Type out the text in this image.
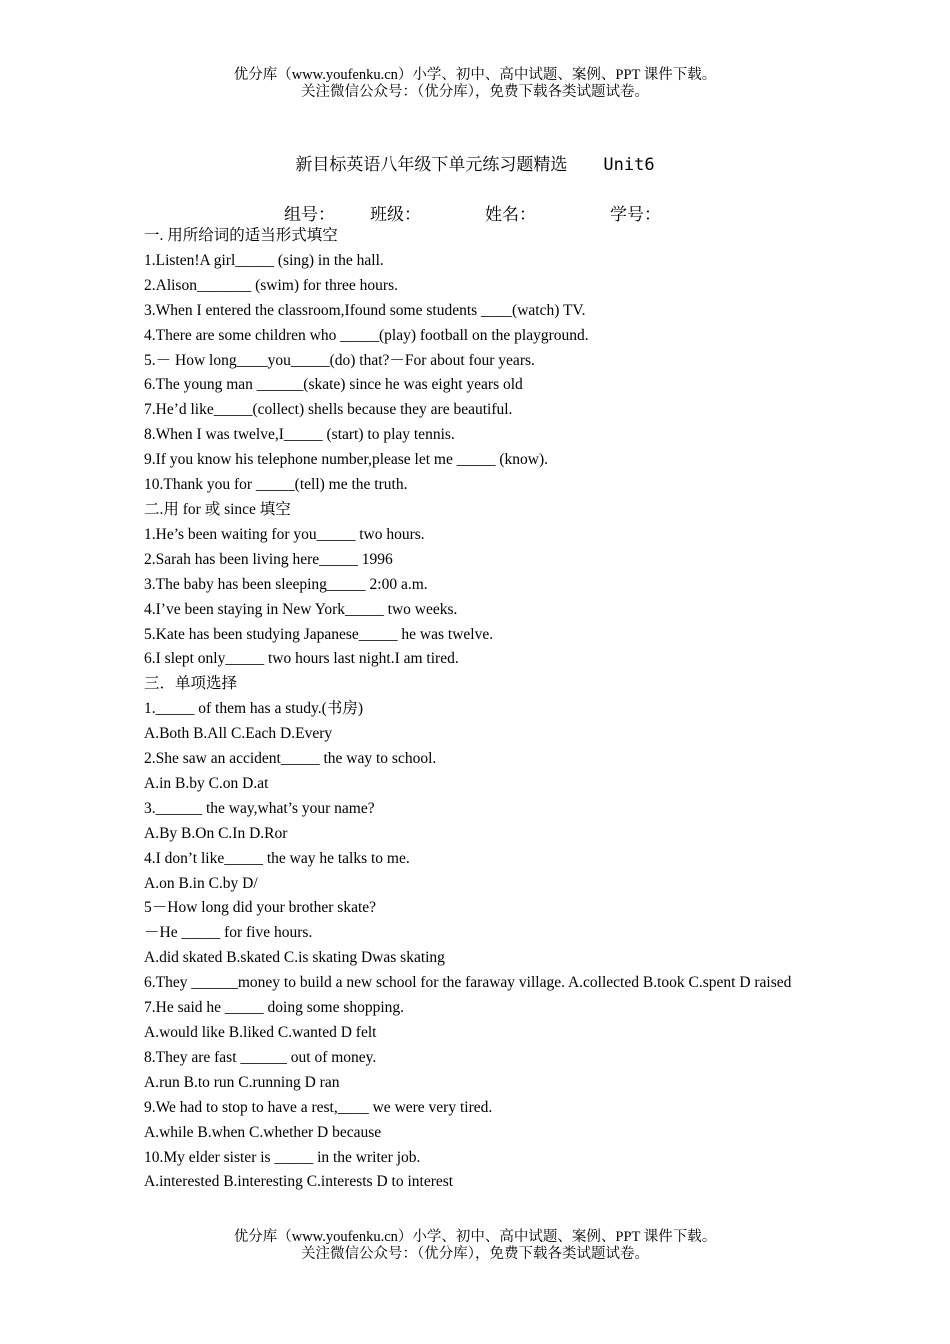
优分库（www.youfenku.cn）小学、初中、高中试题、案例、PPT 课件下载。
关注微信公众号：（优分库），免费下载各类试题试卷。
新目标英语八年级下单元练习题精选 Unit6
组号： 班级：	姓名：	学号：
一. 用所给词的适当形式填空
1.Listen!A girl_____ (sing) in the hall.
2.Alison_______ (swim) for three hours.
3.When I entered the classroom,Ifound some students ____(watch) TV.
4.There are some children who _____(play) football on the playground.
5.－ How long____you_____(do) that?－For about four years.
6.The young man ______(skate) since he was eight years old
7.He’d like_____(collect) shells because they are beautiful.
8.When I was twelve,I_____ (start) to play tennis.
9.If you know his telephone number,please let me _____ (know).
10.Thank you for _____(tell) me the truth.
二.用 for 或 since 填空
1.He’s been waiting for you_____ two hours.
2.Sarah has been living here_____ 1996
3.The baby has been sleeping_____ 2:00 a.m.
4.I’ve been staying in New York_____ two weeks.
5.Kate has been studying Japanese_____ he was twelve.
6.I slept only_____ two hours last night.I am tired.
三．单项选择
1._____ of them has a study.(书房)
A.Both B.All C.Each D.Every
2.She saw an accident_____ the way to school.
A.in B.by C.on D.at
3.______ the way,what’s your name?
A.By B.On C.In D.Ror
4.I don’t like_____ the way he talks to me.
A.on B.in C.by D/
5－How long did your brother skate?
－He _____ for five hours.
A.did skated B.skated C.is skating Dwas skating
6.They ______money to build a new school for the faraway village. A.collected B.took C.spent D raised
7.He said he _____ doing some shopping.
A.would like B.liked C.wanted D felt
8.They are fast ______ out of money.
A.run B.to run C.running D ran
9.We had to stop to have a rest,____ we were very tired.
A.while B.when C.whether D because
10.My elder sister is _____ in the writer job.
A.interested B.interesting C.interests D to interest
优分库（www.youfenku.cn）小学、初中、高中试题、案例、PPT 课件下载。
关注微信公众号：（优分库），免费下载各类试题试卷。
